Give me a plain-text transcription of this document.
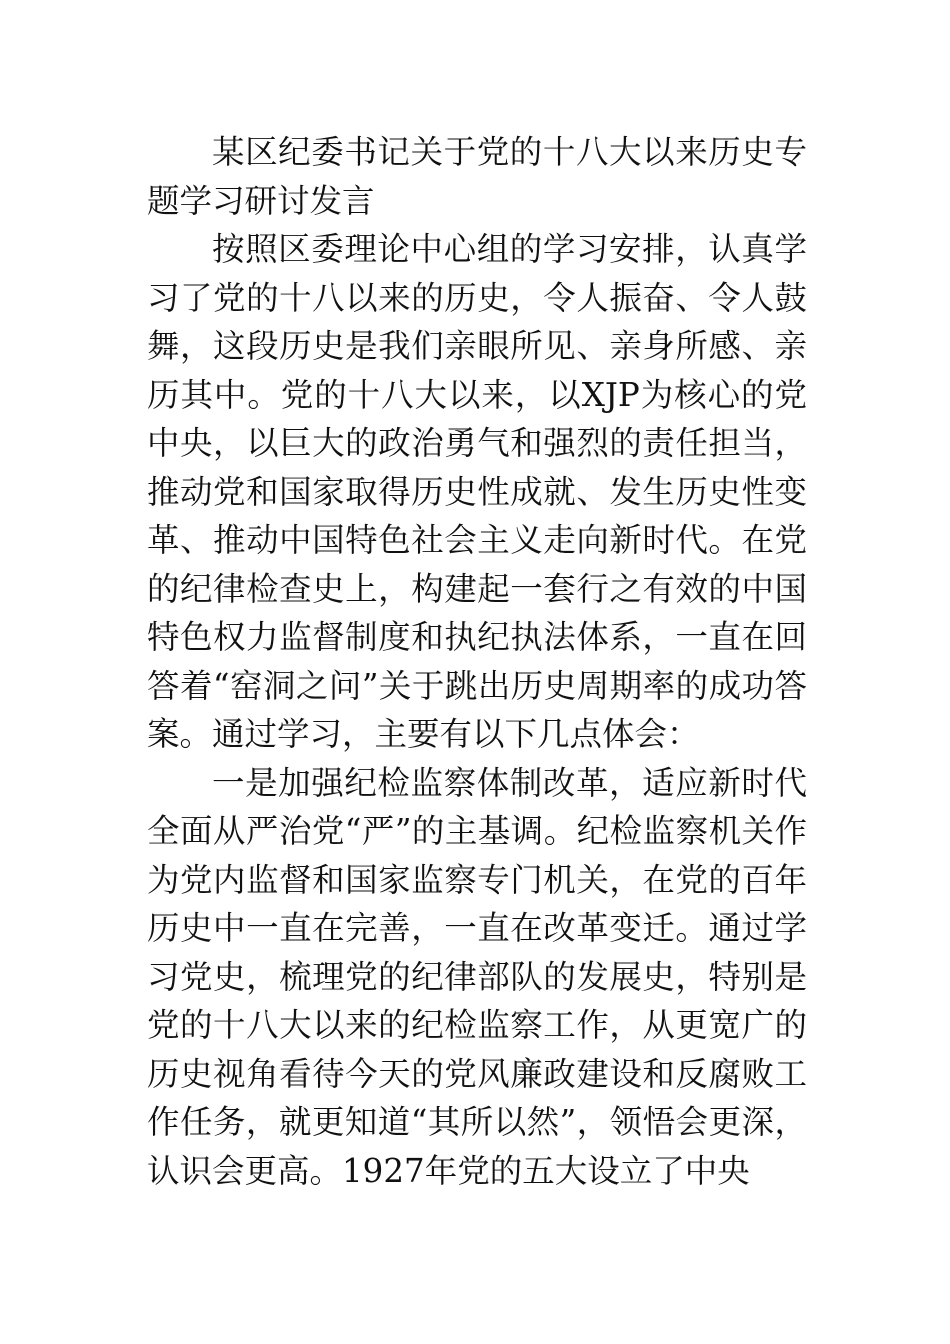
某区纪委书记关于党的十八大以来历史专题学习研讨发言

按照区委理论中心组的学习安排，认真学习了党的十八以来的历史，令人振奋、令人鼓舞，这段历史是我们亲眼所见、亲身所感、亲历其中。党的十八大以来，以XJP为核心的党中央，以巨大的政治勇气和强烈的责任担当，推动党和国家取得历史性成就、发生历史性变革、推动中国特色社会主义走向新时代。在党的纪律检查史上，构建起一套行之有效的中国特色权力监督制度和执纪执法体系，一直在回答着“窑洞之问”关于跳出历史周期率的成功答案。通过学习，主要有以下几点体会：

一是加强纪检监察体制改革，适应新时代全面从严治党“严”的主基调。纪检监察机关作为党内监督和国家监察专门机关，在党的百年历史中一直在完善，一直在改革变迁。通过学习党史，梳理党的纪律部队的发展史，特别是党的十八大以来的纪检监察工作，从更宽广的历史视角看待今天的党风廉政建设和反腐败工作任务，就更知道“其所以然”，领悟会更深，认识会更高。1927年党的五大设立了中央
